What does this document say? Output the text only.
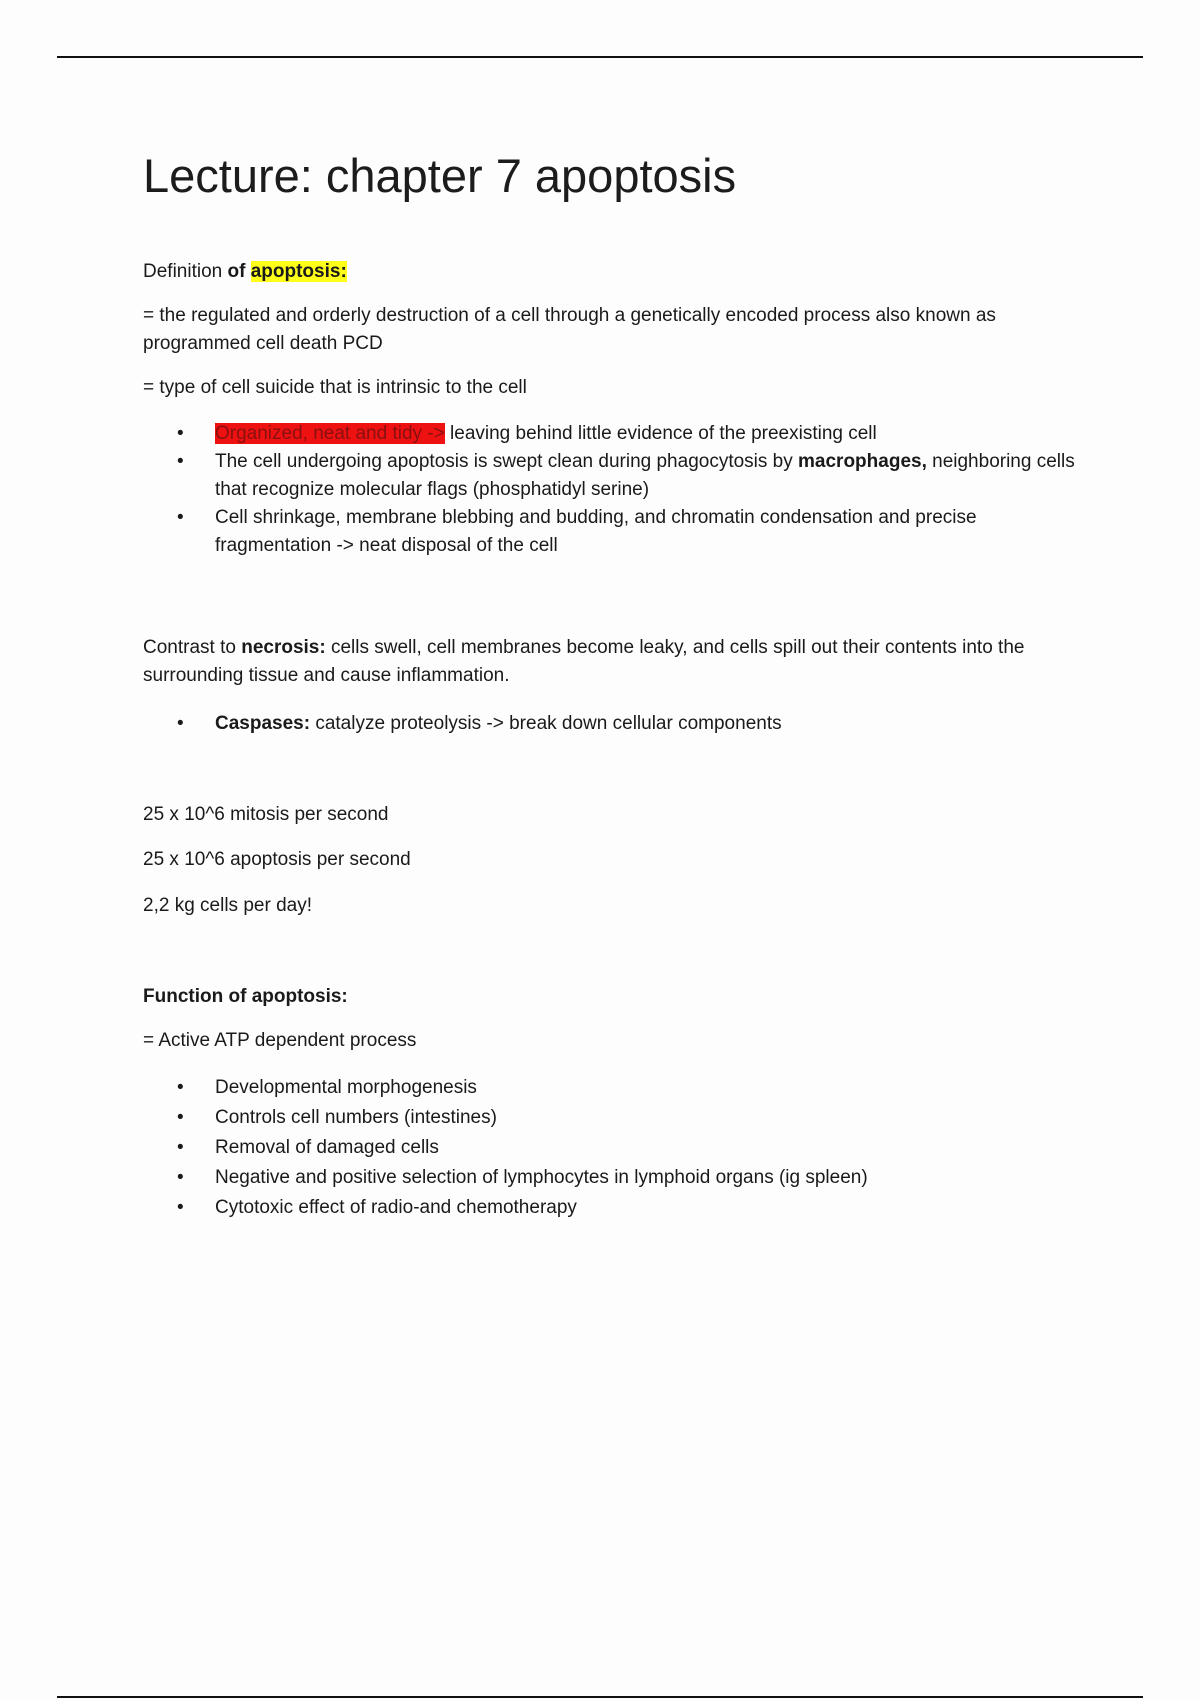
Lecture: chapter 7 apoptosis

Definition of apoptosis:

= the regulated and orderly destruction of a cell through a genetically encoded process also known as programmed cell death PCD

= type of cell suicide that is intrinsic to the cell

• Organized, neat and tidy -> leaving behind little evidence of the preexisting cell
• The cell undergoing apoptosis is swept clean during phagocytosis by macrophages, neighboring cells that recognize molecular flags (phosphatidyl serine)
• Cell shrinkage, membrane blebbing and budding, and chromatin condensation and precise fragmentation -> neat disposal of the cell

Contrast to necrosis: cells swell, cell membranes become leaky, and cells spill out their contents into the surrounding tissue and cause inflammation.

• Caspases: catalyze proteolysis -> break down cellular components

25 x 10^6 mitosis per second

25 x 10^6 apoptosis per second

2,2 kg cells per day!

Function of apoptosis:

= Active ATP dependent process

• Developmental morphogenesis
• Controls cell numbers (intestines)
• Removal of damaged cells
• Negative and positive selection of lymphocytes in lymphoid organs (ig spleen)
• Cytotoxic effect of radio-and chemotherapy
